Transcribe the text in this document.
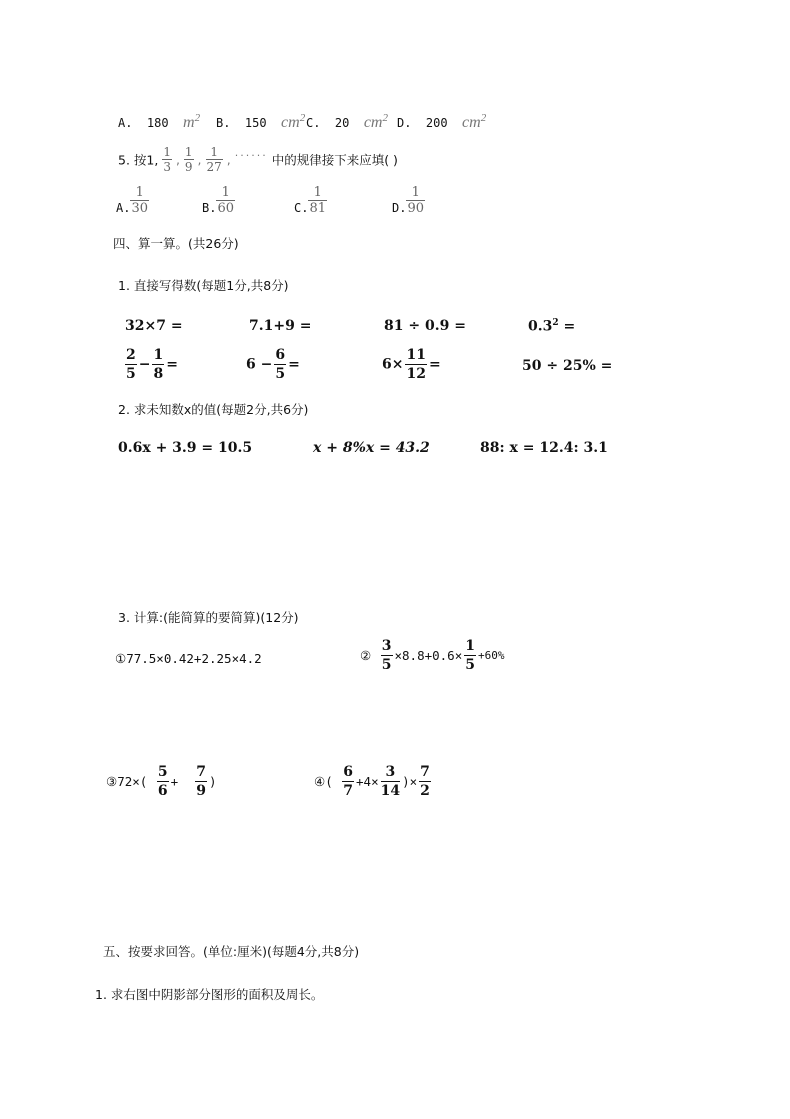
A. 180 $m^2$ B. 150 $cm^2$ C. 20 $cm^2$ D. 200 $cm^2$
5. 按1, $\frac{1}{3}$ , $\frac{1}{9}$ , $\frac{1}{27}$ , ...... 中的规律接下来应填( )
A. $\frac{1}{30}$	B. $\frac{1}{60}$	C. $\frac{1}{81}$	D. $\frac{1}{90}$
四、算一算。(共26分)
1. 直接写得数(每题1分,共8分)
32×7 =	7.1+9 =	81 ÷ 0.9 =	$0.3^2$ =
$\frac{2}{5} - \frac{1}{8}$ =	$6 - \frac{6}{5}$ =	$6\times \frac{11}{12}$ =	50 ÷ 25% =
2. 求未知数x的值(每题2分,共6分)
0.6x + 3.9 = 10.5	x + 8%x = 43.2	88: x = 12.4: 3.1
3. 计算:(能简算的要简算)(12分)
①77.5×0.42+2.25×4.2	② $\frac{3}{5} \times 8.8+0.6\times \frac{1}{5} +60\%$
③72×( $\frac{5}{6} + \frac{7}{9}$ )	④( $\frac{6}{7} +4\times \frac{3}{14}$ )× $\frac{7}{2}$
五、按要求回答。(单位:厘米)(每题4分,共8分)
1. 求右图中阴影部分图形的面积及周长。
